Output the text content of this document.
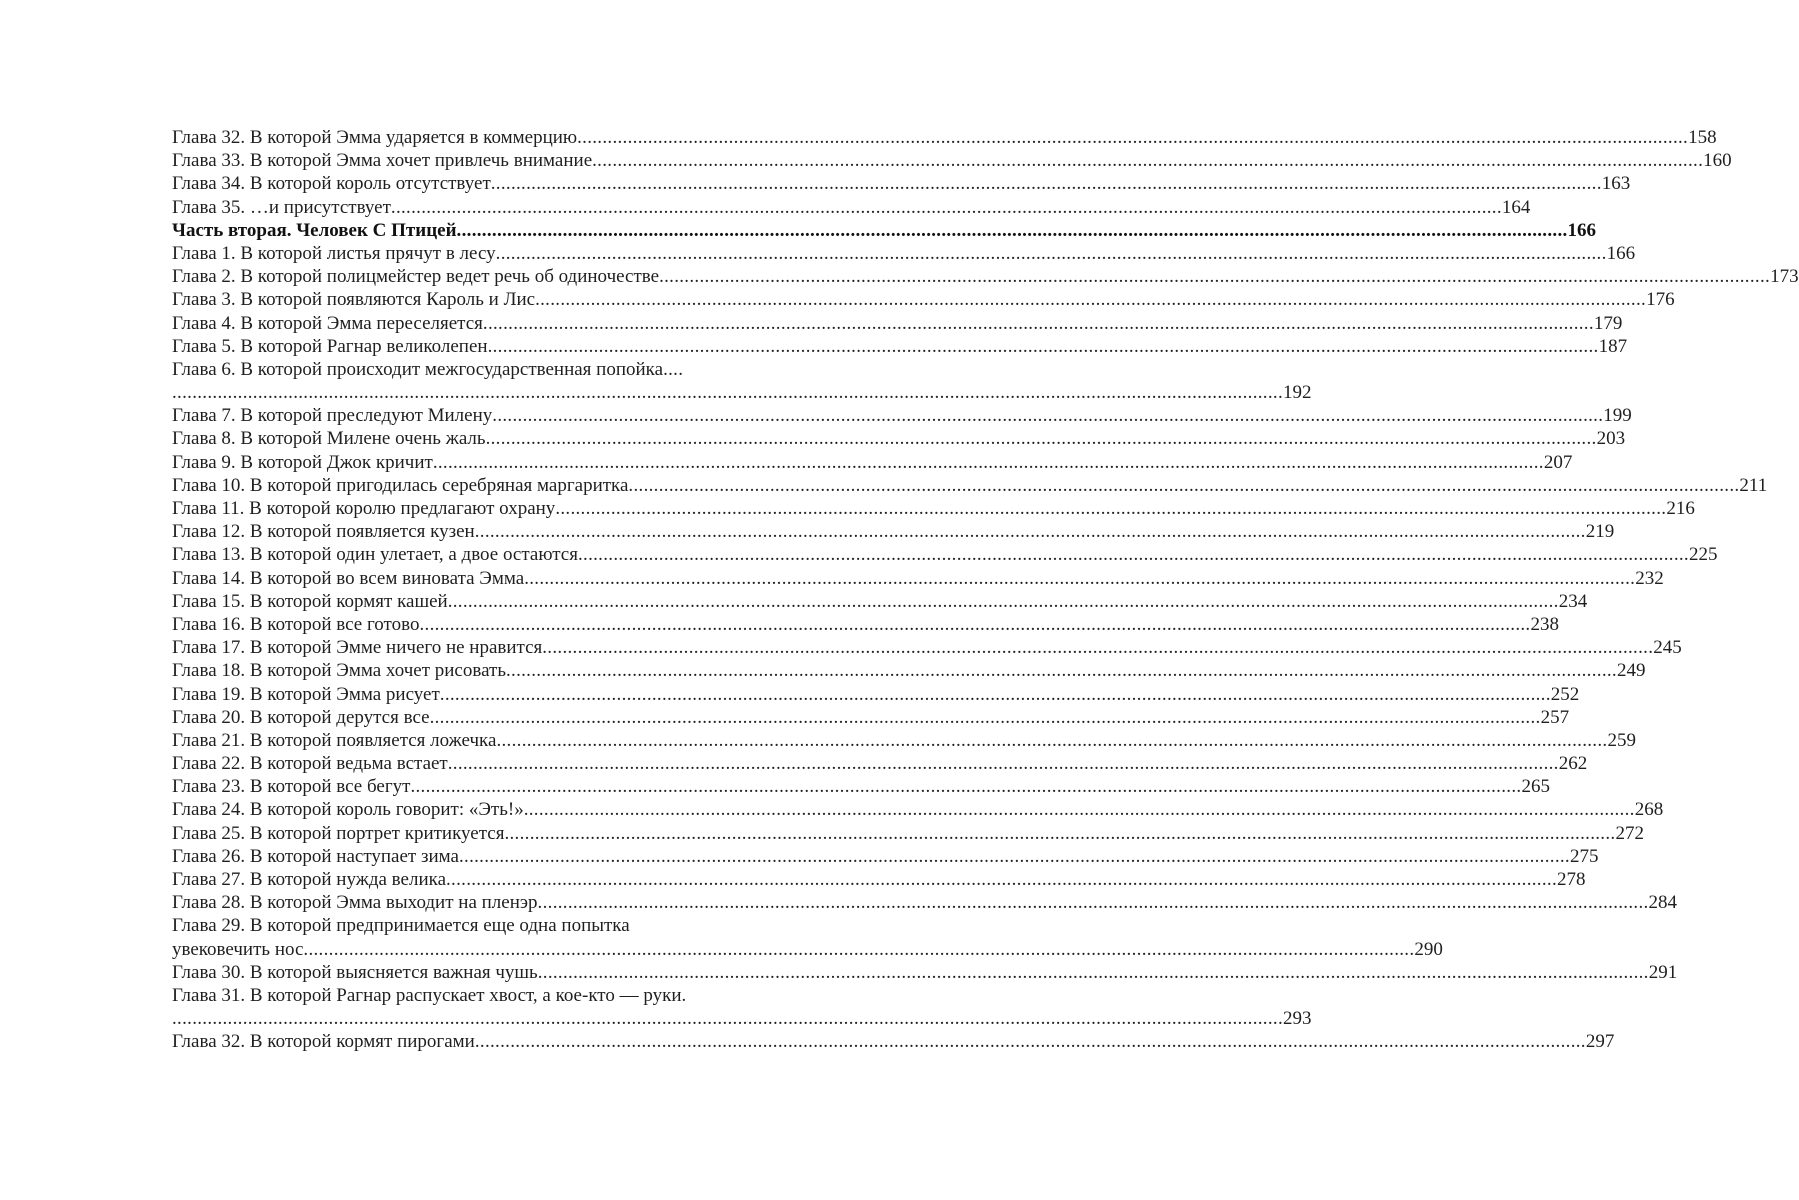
Глава 32. В которой Эмма ударяется в коммерцию ............................................................................................................................................................................................................................ 158
Глава 33. В которой Эмма хочет привлечь внимание ............................................................................................................................................................................................................................ 160
Глава 34. В которой король отсутствует ............................................................................................................................................................................................................................ 163
Глава 35. …и присутствует ............................................................................................................................................................................................................................ 164
Часть вторая. Человек С Птицей ............................................................................................................................................................................................................................ 166
Глава 1. В которой листья прячут в лесу ............................................................................................................................................................................................................................ 166
Глава 2. В которой полицмейстер ведет речь об одиночестве ............................................................................................................................................................................................................................ 173
Глава 3. В которой появляются Кароль и Лис ............................................................................................................................................................................................................................ 176
Глава 4. В которой Эмма переселяется ............................................................................................................................................................................................................................ 179
Глава 5. В которой Рагнар великолепен ............................................................................................................................................................................................................................ 187
Глава 6. В которой происходит межгосударственная попойка ....
............................................................................................................................................................................................................................ 192
Глава 7. В которой преследуют Милену ............................................................................................................................................................................................................................ 199
Глава 8. В которой Милене очень жаль ............................................................................................................................................................................................................................ 203
Глава 9. В которой Джок кричит ............................................................................................................................................................................................................................ 207
Глава 10. В которой пригодилась серебряная маргаритка ............................................................................................................................................................................................................................ 211
Глава 11. В которой королю предлагают охрану ............................................................................................................................................................................................................................ 216
Глава 12. В которой появляется кузен ............................................................................................................................................................................................................................ 219
Глава 13. В которой один улетает, а двое остаются ............................................................................................................................................................................................................................ 225
Глава 14. В которой во всем виновата Эмма ............................................................................................................................................................................................................................ 232
Глава 15. В которой кормят кашей ............................................................................................................................................................................................................................ 234
Глава 16. В которой все готово ............................................................................................................................................................................................................................ 238
Глава 17. В которой Эмме ничего не нравится ............................................................................................................................................................................................................................ 245
Глава 18. В которой Эмма хочет рисовать ............................................................................................................................................................................................................................ 249
Глава 19. В которой Эмма рисует ............................................................................................................................................................................................................................ 252
Глава 20. В которой дерутся все ............................................................................................................................................................................................................................ 257
Глава 21. В которой появляется ложечка ............................................................................................................................................................................................................................ 259
Глава 22. В которой ведьма встает ............................................................................................................................................................................................................................ 262
Глава 23. В которой все бегут ............................................................................................................................................................................................................................ 265
Глава 24. В которой король говорит: «Эть!» ............................................................................................................................................................................................................................ 268
Глава 25. В которой портрет критикуется ............................................................................................................................................................................................................................ 272
Глава 26. В которой наступает зима ............................................................................................................................................................................................................................ 275
Глава 27. В которой нужда велика ............................................................................................................................................................................................................................ 278
Глава 28. В которой Эмма выходит на пленэр ............................................................................................................................................................................................................................ 284
Глава 29. В которой предпринимается еще одна попытка
увековечить нос ............................................................................................................................................................................................................................ 290
Глава 30. В которой выясняется важная чушь ............................................................................................................................................................................................................................ 291
Глава 31. В которой Рагнар распускает хвост, а кое-кто — руки .
............................................................................................................................................................................................................................ 293
Глава 32. В которой кормят пирогами ............................................................................................................................................................................................................................ 297
